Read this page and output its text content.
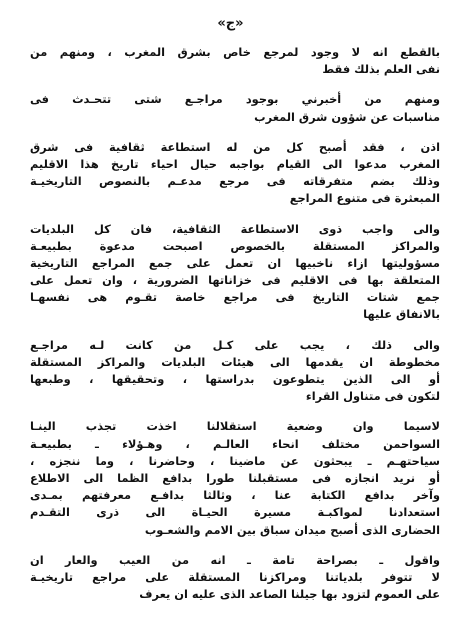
«ج»

بالقطع انه لا وجود لمرجع خاص بشرق المغرب ، ومنهم من
نفى العلم بذلك فقط

ومنهم من أخبرني بوجود مراجـع شتى تتحـدث فى
مناسبات عن شؤون شرق المغرب

اذن ، فقد أصبح كل من له استطاعة ثقافية فى شرق
المغرب مدعوا الى القيام بواجبه حيال احياء تاريخ هذا الاقليم
وذلك بضم متفرقاته فى مرجع مدعـم بالنصوص التاريخيـة
المبعثرة فى متنوع المراجع

والى واجب ذوى الاستطاعة الثقافية، فان كل البلديات
والمراكز المستقلة بالخصوص اصبحت مدعوة بطبيعـة
مسؤوليتها ازاء ناخبيها ان تعمل على جمع المراجع التاريخية
المتعلقة بها فى الاقليم فى خزاناتها الضرورية ، وان تعمل على
جمع شتات التاريخ فى مراجع خاصة تقـوم هى نفسهـا
بالانفاق عليها

والى ذلك ، يجب على كـل من كانت لـه مراجـع
مخطوطة ان يقدمها الى هيئات البلديات والمراكز المستقلة
أو الى الذين يتطوعون بدراستها ، وتحقيقها ، وطبعها
لتكون فى متناول القراء

لاسيما وان وضعية استقلالنا اخذت تجذب الينـا
السواحمن مختلف انحاء العالـم ، وهـؤلاء ـ بطبيعـة
سياحتهـم ـ يبحثون عن ماضينا ، وحاضرنا ، وما ننجزه ،
أو نريد انجازه فى مستقبلنا طورا بدافع الظما الى الاطلاع
وآخر بدافع الكتابة عنا ، وثالثا بدافـع معرفتهم بمـدى
استعدادنا لمواكبـة مسيرة الحيـاة الى ذرى التقـدم
الحضارى الذى أصبح ميدان سباق بين الامم والشعـوب

واقول ـ بصراحة تامة ـ انه من العيب والعار ان
لا تتوفر بلدياتنا ومراكزنا المستقلة على مراجع تاريخيـة
على العموم لتزود بها جيلنا الصاعد الذى عليه ان يعرف
